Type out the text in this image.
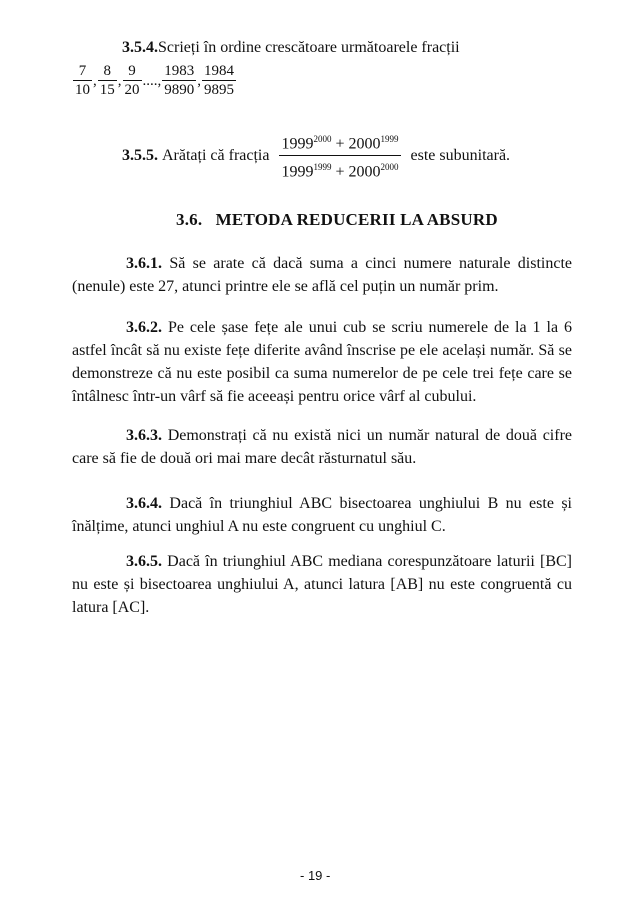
3.5.4.Scrieți în ordine crescătoare următoarele fracții
$\frac{7}{10}$ , $\frac{8}{15}$ , $\frac{9}{20}$ ...., $\frac{1983}{9890}$ , $\frac{1984}{9895}$
3.5.5. Arătați că fracția $\frac{1999^{2000} + 2000^{1999}}{1999^{1999} + 2000^{2000}}$ este subunitară.
3.6. METODA REDUCERII LA ABSURD
3.6.1. Să se arate că dacă suma a cinci numere naturale distincte (nenule) este 27, atunci printre ele se află cel puțin un număr prim.
3.6.2. Pe cele șase fețe ale unui cub se scriu numerele de la 1 la 6 astfel încât să nu existe fețe diferite având înscrise pe ele același număr. Să se demonstreze că nu este posibil ca suma numerelor de pe cele trei fețe care se întâlnesc într-un vârf să fie aceeași pentru orice vârf al cubului.
3.6.3. Demonstrați că nu există nici un număr natural de două cifre care să fie de două ori mai mare decât răsturnatul său.
3.6.4. Dacă în triunghiul ABC bisectoarea unghiului B nu este și înălțime, atunci unghiul A nu este congruent cu unghiul C.
3.6.5. Dacă în triunghiul ABC mediana corespunzătoare laturii [BC] nu este și bisectoarea unghiului A, atunci latura [AB] nu este congruentă cu latura [AC].
- 19 -
